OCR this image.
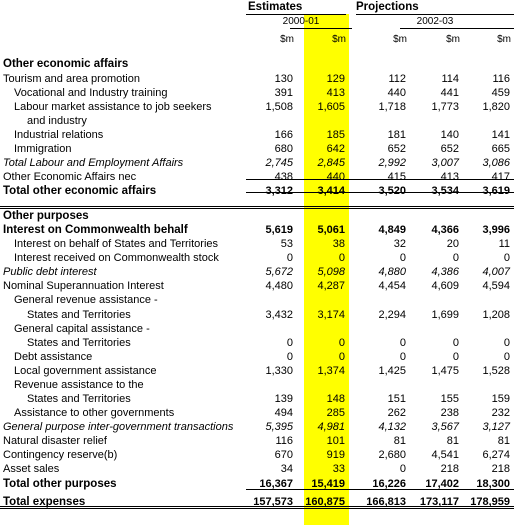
Estimates	Projections
2000-01	2002-03
$m	$m	$m	$m	$m
Other economic affairs
Tourism and area promotion	130	129	112	114	116
Vocational and Industry training	391	413	440	441	459
Labour market assistance to job seekers	1,508	1,605	1,718	1,773	1,820
and industry
Industrial relations	166	185	181	140	141
Immigration	680	642	652	652	665
Total Labour and Employment Affairs	2,745	2,845	2,992	3,007	3,086
Other Economic Affairs nec	438	440	415	413	417
Total other economic affairs	3,312	3,414	3,520	3,534	3,619
Other purposes
Interest on Commonwealth behalf	5,619	5,061	4,849	4,366	3,996
Interest on behalf of States and Territories	53	38	32	20	11
Interest received on Commonwealth stock	0	0	0	0	0
Public debt interest	5,672	5,098	4,880	4,386	4,007
Nominal Superannuation Interest	4,480	4,287	4,454	4,609	4,594
General revenue assistance -
States and Territories	3,432	3,174	2,294	1,699	1,208
General capital assistance -
States and Territories	0	0	0	0	0
Debt assistance	0	0	0	0	0
Local government assistance	1,330	1,374	1,425	1,475	1,528
Revenue assistance to the
States and Territories	139	148	151	155	159
Assistance to other governments	494	285	262	238	232
General purpose inter-government transactions	5,395	4,981	4,132	3,567	3,127
Natural disaster relief	116	101	81	81	81
Contingency reserve(b)	670	919	2,680	4,541	6,274
Asset sales	34	33	0	218	218
Total other purposes	16,367	15,419	16,226	17,402	18,300
Total expenses	157,573	160,875	166,813	173,117	178,959
